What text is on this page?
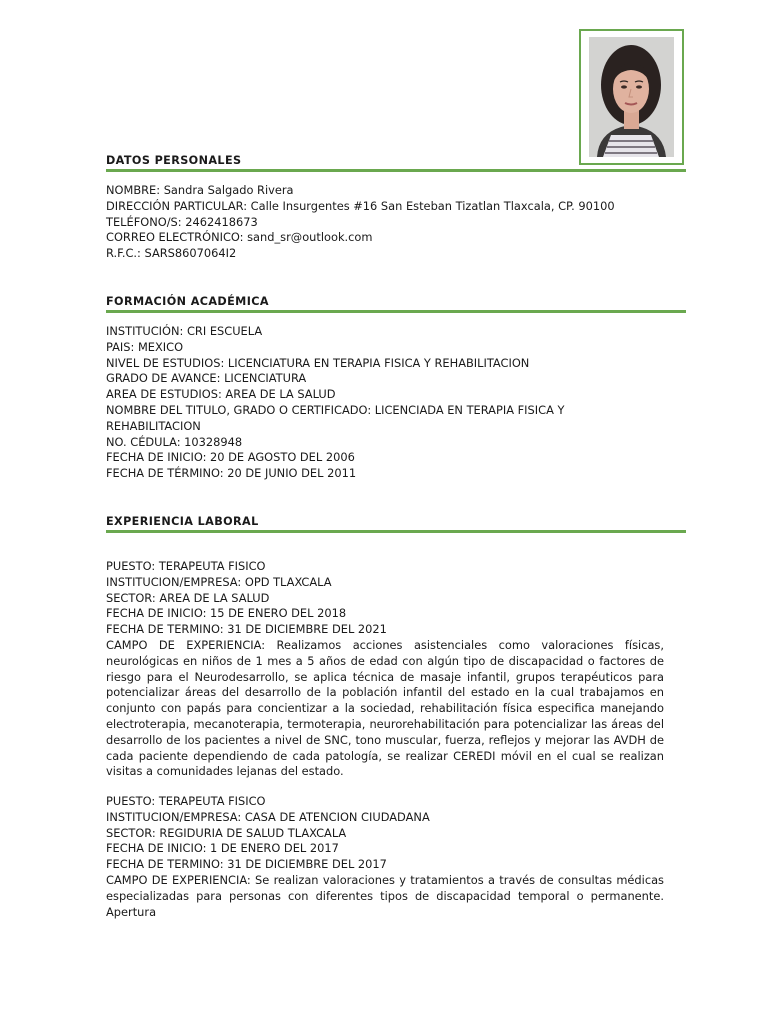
DATOS PERSONALES
NOMBRE: Sandra Salgado Rivera
DIRECCIÓN PARTICULAR: Calle Insurgentes #16 San Esteban Tizatlan Tlaxcala, CP. 90100
TELÉFONO/S: 2462418673
CORREO ELECTRÓNICO: sand_sr@outlook.com
R.F.C.: SARS8607064I2
FORMACIÓN ACADÉMICA
INSTITUCIÓN: CRI ESCUELA
PAIS: MEXICO
NIVEL DE ESTUDIOS: LICENCIATURA EN TERAPIA FISICA Y REHABILITACION
GRADO DE AVANCE: LICENCIATURA
AREA DE ESTUDIOS: AREA DE LA SALUD
NOMBRE DEL TITULO, GRADO O CERTIFICADO: LICENCIADA EN TERAPIA FISICA Y
REHABILITACION
NO. CÉDULA: 10328948
FECHA DE INICIO: 20 DE AGOSTO DEL 2006
FECHA DE TÉRMINO: 20 DE JUNIO DEL 2011
EXPERIENCIA LABORAL
PUESTO: TERAPEUTA FISICO
INSTITUCION/EMPRESA: OPD TLAXCALA
SECTOR: AREA DE LA SALUD
FECHA DE INICIO: 15 DE ENERO DEL 2018
FECHA DE TERMINO: 31 DE DICIEMBRE DEL 2021

CAMPO DE EXPERIENCIA: Realizamos acciones asistenciales como valoraciones físicas, neurológicas en niños de 1 mes a 5 años de edad con algún tipo de discapacidad o factores de riesgo para el Neurodesarrollo, se aplica técnica de masaje infantil, grupos terapéuticos para potencializar áreas del desarrollo de la población infantil del estado en la cual trabajamos en conjunto con papás para concientizar a la sociedad, rehabilitación física especifica manejando electroterapia, mecanoterapia, termoterapia, neurorehabilitación para potencializar las áreas del desarrollo de los pacientes a nivel de SNC, tono muscular, fuerza, reflejos y mejorar las AVDH de cada paciente dependiendo de cada patología, se realizar CEREDI móvil en el cual se realizan visitas a comunidades lejanas del estado.

PUESTO: TERAPEUTA FISICO
INSTITUCION/EMPRESA: CASA DE ATENCION CIUDADANA
SECTOR: REGIDURIA DE SALUD TLAXCALA
FECHA DE INICIO: 1 DE ENERO DEL 2017
FECHA DE TERMINO: 31 DE DICIEMBRE DEL 2017

CAMPO DE EXPERIENCIA: Se realizan valoraciones y tratamientos a través de consultas médicas especializadas para personas con diferentes tipos de discapacidad temporal o permanente. Apertura
